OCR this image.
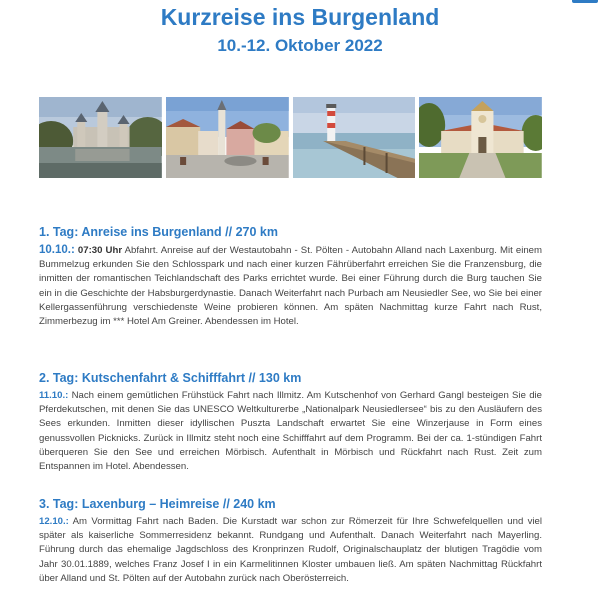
Kurzreise ins Burgenland
10.-12. Oktober 2022
1. Tag: Anreise ins Burgenland // 270 km

10.10.: 07:30 Uhr Abfahrt. Anreise auf der Westautobahn - St. Pölten - Autobahn Alland nach Laxenburg. Mit einem Bummelzug erkunden Sie den Schlosspark und nach einer kurzen Fährüberfahrt erreichen Sie die Franzensburg, die inmitten der romantischen Teichlandschaft des Parks errichtet wurde. Bei einer Führung durch die Burg tauchen Sie ein in die Geschichte der Habsburgerdynastie. Danach Weiterfahrt nach Purbach am Neusiedler See, wo Sie bei einer Kellergassenführung verschiedenste Weine probieren können. Am späten Nachmittag kurze Fahrt nach Rust, Zimmerbezug im *** Hotel Am Greiner. Abendessen im Hotel.

2. Tag: Kutschenfahrt & Schifffahrt // 130 km

11.10.: Nach einem gemütlichen Frühstück Fahrt nach Illmitz. Am Kutschenhof von Gerhard Gangl besteigen Sie die Pferdekutschen, mit denen Sie das UNESCO Weltkulturerbe „Nationalpark Neusiedlersee“ bis zu den Ausläufern des Sees erkunden. Inmitten dieser idyllischen Puszta Landschaft erwartet Sie eine Winzerjause in Form eines genussvollen Picknicks. Zurück in Illmitz steht noch eine Schifffahrt auf dem Programm. Bei der ca. 1-stündigen Fahrt überqueren Sie den See und erreichen Mörbisch. Aufenthalt in Mörbisch und Rückfahrt nach Rust. Zeit zum Entspannen im Hotel. Abendessen.

3. Tag: Laxenburg – Heimreise // 240 km

12.10.: Am Vormittag Fahrt nach Baden. Die Kurstadt war schon zur Römerzeit für Ihre Schwefelquellen und viel später als kaiserliche Sommerresidenz bekannt. Rundgang und Aufenthalt. Danach Weiterfahrt nach Mayerling. Führung durch das ehemalige Jagdschloss des Kronprinzen Rudolf, Originalschauplatz der blutigen Tragödie vom Jahr 30.01.1889, welches Franz Josef I in ein Karmelitinnen Kloster umbauen ließ. Am späten Nachmittag Rückfahrt über Alland und St. Pölten auf der Autobahn zurück nach Oberösterreich.
